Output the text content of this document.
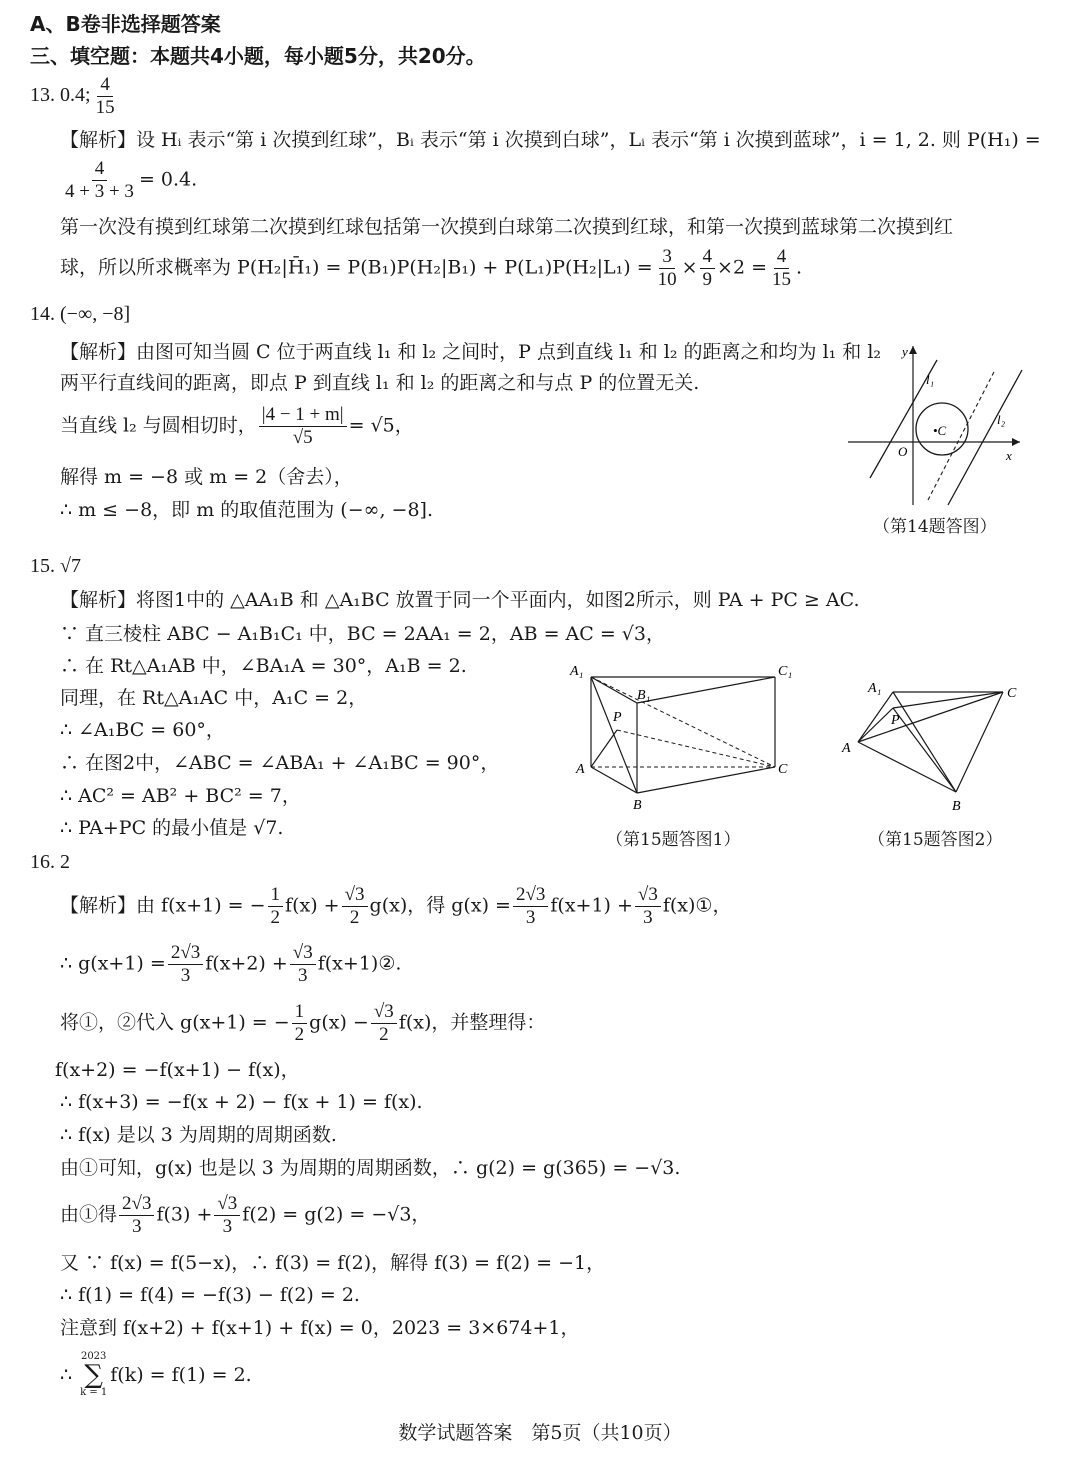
A、B卷非选择题答案
三、填空题：本题共4小题，每小题5分，共20分。
13. 0.4; $\frac{4}{15}$
【解析】设 Hᵢ 表示“第 i 次摸到红球”，Bᵢ 表示“第 i 次摸到白球”，Lᵢ 表示“第 i 次摸到蓝球”，i = 1, 2. 则 P(H₁) =
$\frac{4}{4 + 3 + 3} = 0.4$.
第一次没有摸到红球第二次摸到红球包括第一次摸到白球第二次摸到红球，和第一次摸到蓝球第二次摸到红
球，所以所求概率为 P(H₂|H̄₁) = $P(B_1)P(H_2|B_1) + P(L_1)P(H_2|L_1) = \frac{3}{10} \times \frac{4}{9} \times 2 = \frac{4}{15}$ .
14. (−∞, −8]
【解析】由图可知当圆 C 位于两直线 l₁ 和 l₂ 之间时，P 点到直线 l₁ 和 l₂ 的距离之和均为 l₁ 和 l₂
两平行直线间的距离，即点 P 到直线 l₁ 和 l₂ 的距离之和与点 P 的位置无关.
当直线 l₂ 与圆相切时， $\frac{|4 - 1 + m|}{√5} = √5$，
解得 m = −8 或 m = 2（舍去），
∴ m ≤ −8，即 m 的取值范围为 (−∞, −8].
y
x
O
l₁
l₂
•C
（第14题答图）
15. √7
【解析】将图1中的 △AA₁B 和 △A₁BC 放置于同一个平面内，如图2所示，则 PA + PC ≥ AC.
∵ 直三棱柱 ABC − A₁B₁C₁ 中，BC = 2AA₁ = 2，AB = AC = √3，
∴ 在 Rt△A₁AB 中，∠BA₁A = 30°，A₁B = 2.
同理，在 Rt△A₁AC 中，A₁C = 2，
∴ ∠A₁BC = 60°，
∴ 在图2中，∠ABC = ∠ABA₁ + ∠A₁BC = 90°，
∴ AC² = AB² + BC² = 7，
∴ PA+PC 的最小值是 √7.
A₁
B₁
C₁
P
A
B
C
（第15题答图1）
A₁
P
A
B
C
（第15题答图2）
16. 2
【解析】由 f(x+1) = − $\frac{1}{2} f(x) + \frac{√3}{2} g(x)$，得 $g(x) = \frac{2√3}{3} f(x+1) + \frac{√3}{3}$ f(x)①，
∴ $g(x+1) = \frac{2√3}{3} f(x+2) + \frac{√3}{3}$ f(x+1)②.
将①，②代入 g(x+1) = − $\frac{1}{2} g(x) - \frac{√3}{2} f(x)$，并整理得：
f(x+2) = −f(x+1) − f(x)，
∴ f(x+3) = −f(x + 2) − f(x + 1) = f(x).
∴ f(x) 是以 3 为周期的周期函数.
由①可知，g(x) 也是以 3 为周期的周期函数，∴ g(2) = g(365) = −√3.
由①得 $\frac{2√3}{3} f(3) + \frac{√3}{3} f(2) = g(2) = -√3$，
又 ∵ f(x) = f(5−x)，∴ f(3) = f(2)，解得 f(3) = f(2) = −1，
∴ f(1) = f(4) = −f(3) − f(2) = 2.
注意到 f(x+2) + f(x+1) + f(x) = 0，2023 = 3×674+1，
∴
2023
∑
k = 1
f(k) = f(1) = 2.
数学试题答案　第5页（共10页）
